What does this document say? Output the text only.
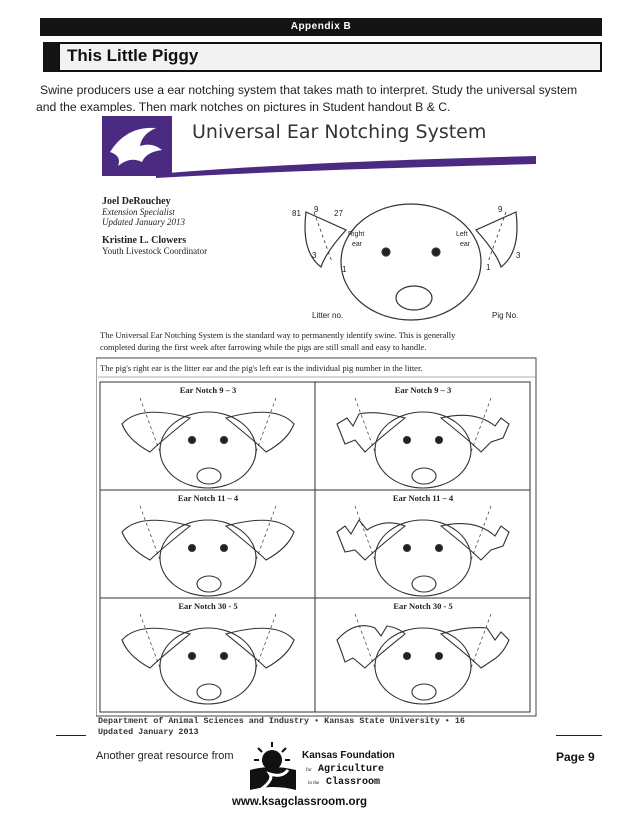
Appendix B
This Little Piggy
Swine producers use a ear notching system that takes math to interpret. Study the universal system
and the examples. Then mark notches on pictures in Student handout B & C.
Universal Ear Notching System
Joel DeRouchey
Extension Specialist
Updated January 2013
Kristine L. Clowers
Youth Livestock Coordinator
81 9 27
3
1
Right
ear
Left
ear
9
1
3
Litter no.	Pig No.
The Universal Ear Notching System is the standard way to permanently identify swine. This is generally
completed during the first week after farrowing while the pigs are still small and easy to handle.
The pig's right ear is the litter ear and the pig's left ear is the individual pig number in the litter.
Ear Notch 9 – 3	Ear Notch 9 – 3
Ear Notch 11 – 4	Ear Notch 11 – 4
Ear Notch 30 - 5	Ear Notch 30 - 5
Department of Animal Sciences and Industry • Kansas State University • 16
Updated January 2013
Another great resource from	Kansas Foundation
for Agriculture
in the Classroom
Page 9
www.ksagclassroom.org
